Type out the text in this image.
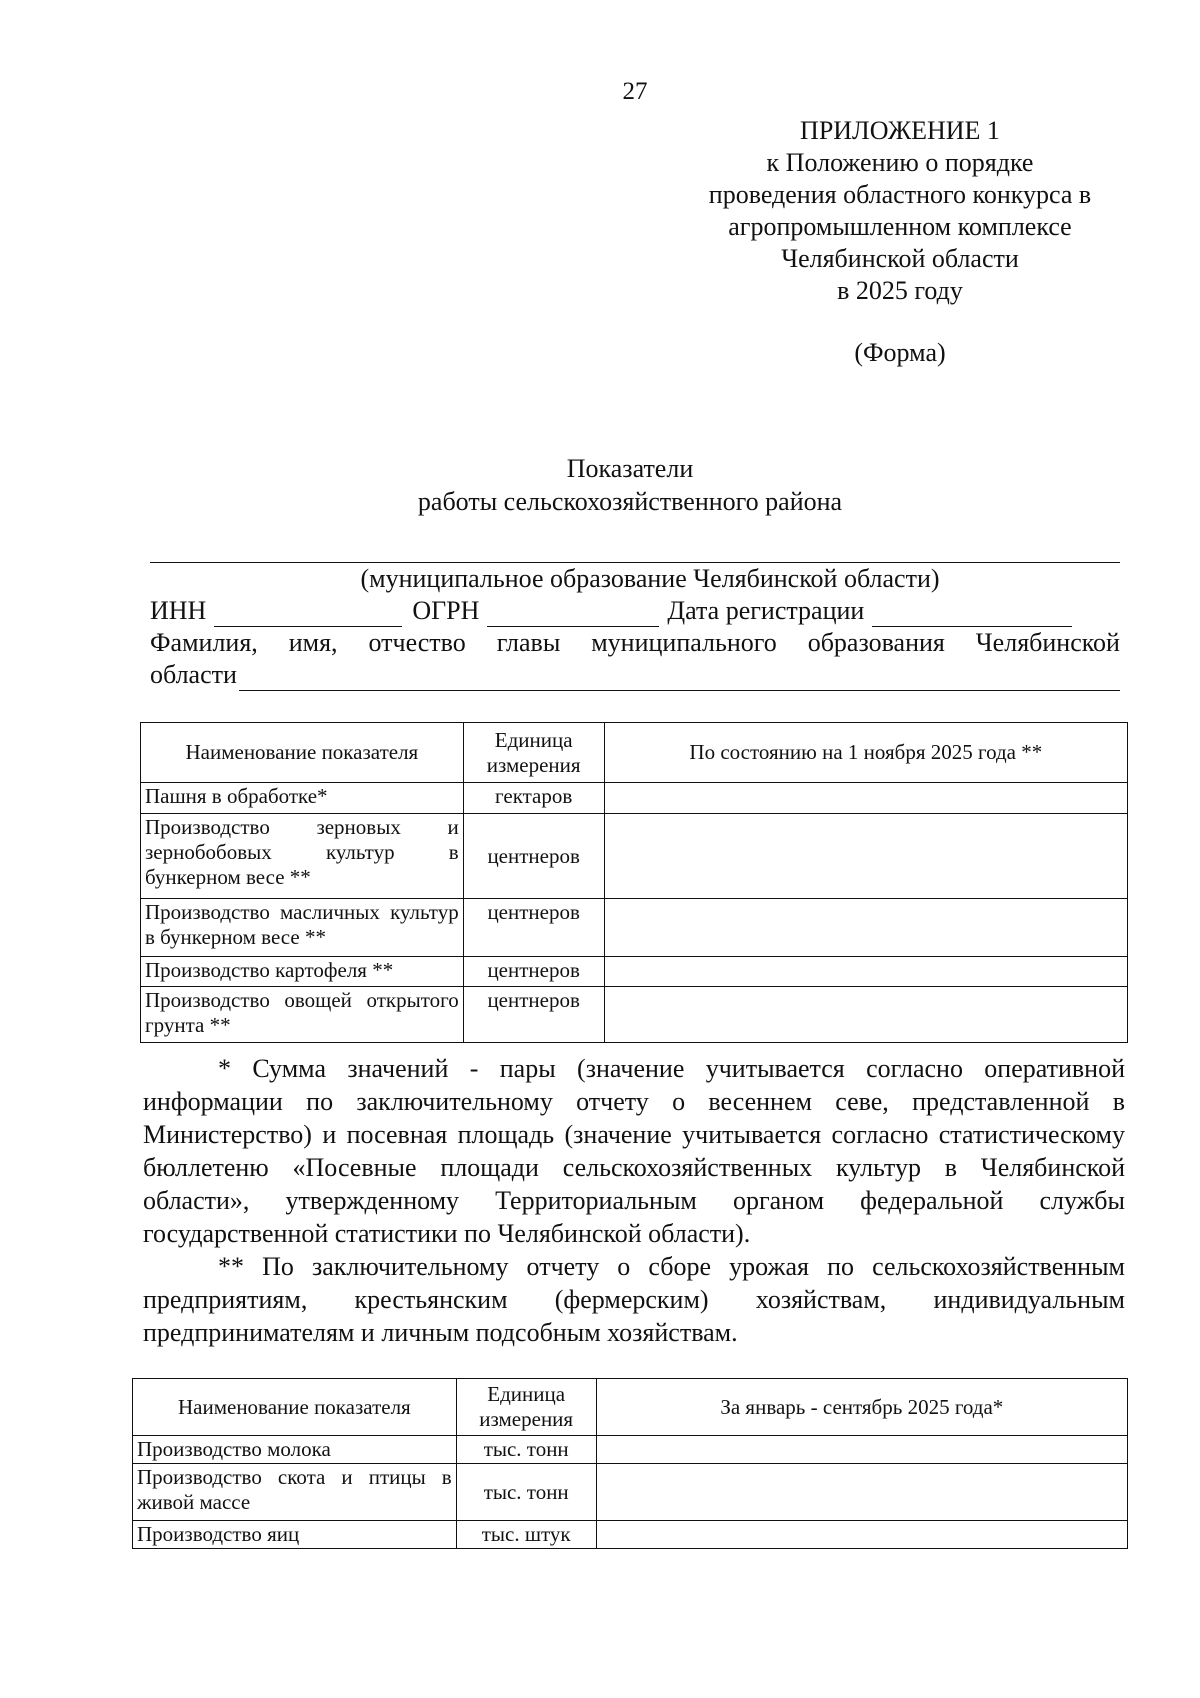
27
ПРИЛОЖЕНИЕ 1
к Положению о порядке
проведения областного конкурса в
агропромышленном комплексе
Челябинской области
в 2025 году
(Форма)
Показатели
работы сельскохозяйственного района
(муниципальное образование Челябинской области)
ИНН	ОГРН	Дата регистрации
Фамилия, имя, отчество главы муниципального образования Челябинской
области
Наименование показателя	Единица измерения	По состоянию на 1 ноября 2025 года **
Пашня в обработке*	гектаров	
Производство зерновых и зернобобовых культур в бункерном весе **	центнеров	
Производство масличных культур в бункерном весе **	центнеров	
Производство картофеля **	центнеров	
Производство овощей открытого грунта **	центнеров	

* Сумма значений - пары (значение учитывается согласно оперативной информации по заключительному отчету о весеннем севе, представленной в Министерство) и посевная площадь (значение учитывается согласно статистическому бюллетеню «Посевные площади сельскохозяйственных культур в Челябинской области», утвержденному Территориальным органом федеральной службы государственной статистики по Челябинской области).

** По заключительному отчету о сборе урожая по сельскохозяйственным предприятиям, крестьянским (фермерским) хозяйствам, индивидуальным предпринимателям и личным подсобным хозяйствам.

Наименование показателя	Единица измерения	За январь - сентябрь 2025 года*
Производство молока	тыс. тонн	
Производство скота и птицы в живой массе	тыс. тонн	
Производство яиц	тыс. штук	
